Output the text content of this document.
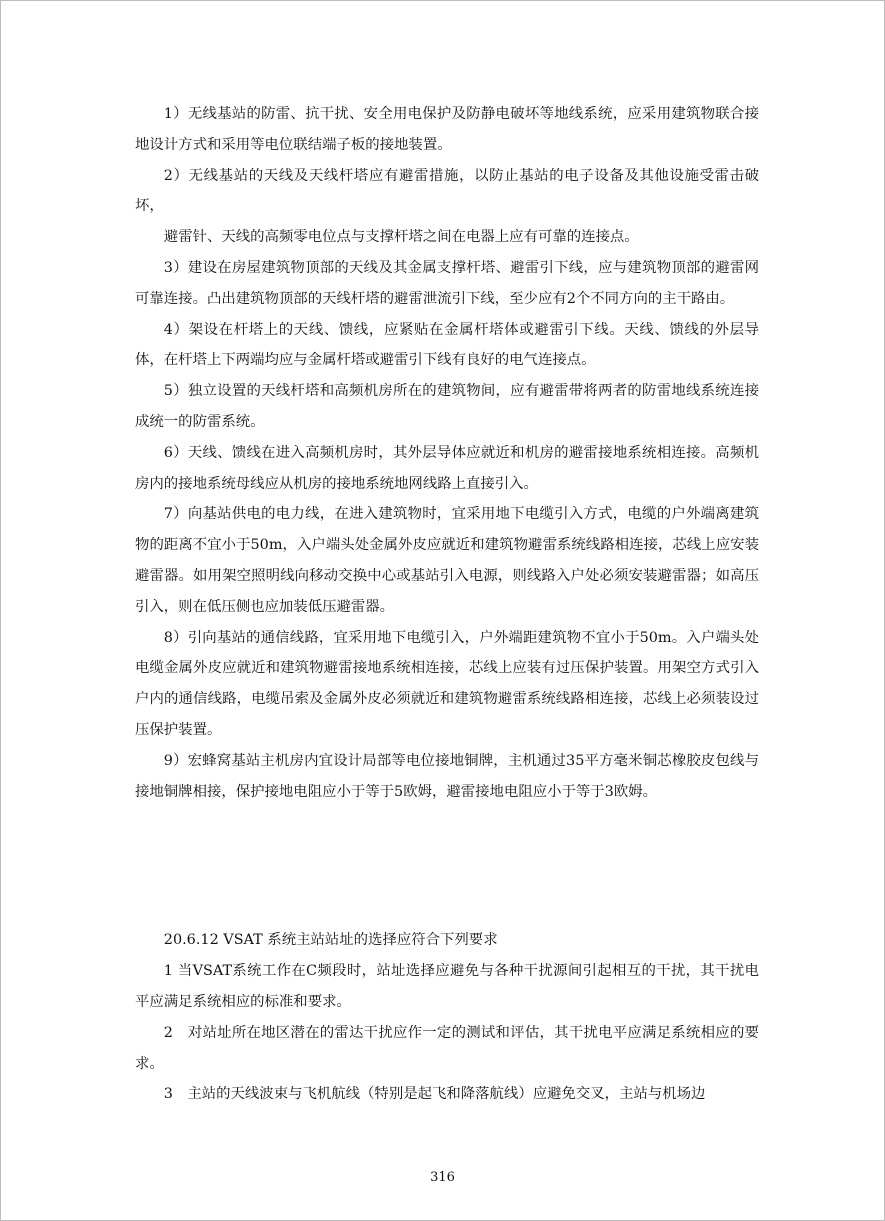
1）无线基站的防雷、抗干扰、安全用电保护及防静电破坏等地线系统，应采用建筑物联合接地设计方式和采用等电位联结端子板的接地装置。

2）无线基站的天线及天线杆塔应有避雷措施，以防止基站的电子设备及其他设施受雷击破坏，

避雷针、天线的高频零电位点与支撑杆塔之间在电器上应有可靠的连接点。

3）建设在房屋建筑物顶部的天线及其金属支撑杆塔、避雷引下线，应与建筑物顶部的避雷网可靠连接。凸出建筑物顶部的天线杆塔的避雷泄流引下线，至少应有2个不同方向的主干路由。

4）架设在杆塔上的天线、馈线，应紧贴在金属杆塔体或避雷引下线。天线、馈线的外层导体，在杆塔上下两端均应与金属杆塔或避雷引下线有良好的电气连接点。

5）独立设置的天线杆塔和高频机房所在的建筑物间，应有避雷带将两者的防雷地线系统连接成统一的防雷系统。

6）天线、馈线在进入高频机房时，其外层导体应就近和机房的避雷接地系统相连接。高频机房内的接地系统母线应从机房的接地系统地网线路上直接引入。

7）向基站供电的电力线，在进入建筑物时，宜采用地下电缆引入方式，电缆的户外端离建筑物的距离不宜小于50m，入户端头处金属外皮应就近和建筑物避雷系统线路相连接，芯线上应安装避雷器。如用架空照明线向移动交换中心或基站引入电源，则线路入户处必须安装避雷器；如高压引入，则在低压侧也应加装低压避雷器。

8）引向基站的通信线路，宜采用地下电缆引入，户外端距建筑物不宜小于50m。入户端头处电缆金属外皮应就近和建筑物避雷接地系统相连接，芯线上应装有过压保护装置。用架空方式引入户内的通信线路，电缆吊索及金属外皮必须就近和建筑物避雷系统线路相连接，芯线上必须装设过压保护装置。

9）宏蜂窝基站主机房内宜设计局部等电位接地铜牌，主机通过35平方毫米铜芯橡胶皮包线与接地铜牌相接，保护接地电阻应小于等于5欧姆，避雷接地电阻应小于等于3欧姆。

20.6.12 VSAT 系统主站站址的选择应符合下列要求

1 当VSAT系统工作在C频段时，站址选择应避免与各种干扰源间引起相互的干扰，其干扰电平应满足系统相应的标准和要求。

2　对站址所在地区潜在的雷达干扰应作一定的测试和评估，其干扰电平应满足系统相应的要求。

3　主站的天线波束与飞机航线（特别是起飞和降落航线）应避免交叉，主站与机场边

316
